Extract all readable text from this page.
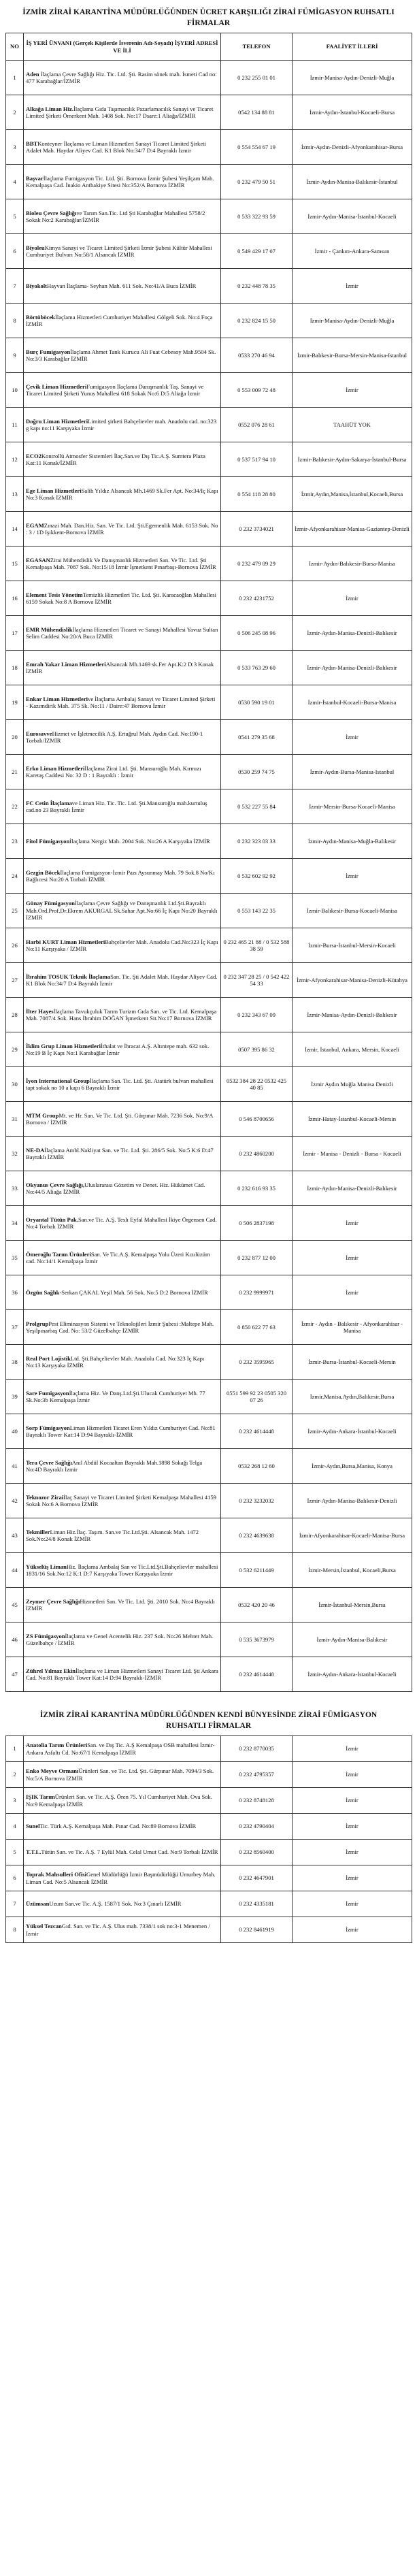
İZMİR ZİRAİ KARANTİNA MÜDÜRLÜĞÜNDEN ÜCRET KARŞILIĞI ZİRAİ FÜMİGASYON RUHSATLI FİRMALAR
NO	İŞ YERİ ÜNVANI (Gerçek Kişilerde İsverenin Adı-Soyadı) İŞYERİ ADRESİ VE İLİ	TELEFON	FAALİYET İLLERİ
1	Aden İlaçlama Çevre Sağlığı Hiz. Tic. Ltd. Şti. Rasim sönek mah. İsmeti Cad no: 477 Karabağlar/İZMİR	0 232 255 01 01	İzmir-Manisa-Aydın-Denizli-Muğla
2	Alkağa Liman Hiz.İlaçlama Gıda Taşımacılık Pazarlamacılık Sanayi ve Ticaret Limited Şirketi Ömerkent Mah. 1408 Sok. No:17 Dsare:1 Aliağa/İZMİR	0542 134 88 81	İzmir-Aydın-İstanbul-Kocaeli-Bursa
3	BBTKonteyner İlaçlama ve Liman Hizmetleri Sanayi Ticaret Limited Şirketi Adalet Mah. Haydar Aliyev Cad. K1 Blok No:34/7 D:4 Bayraklı İzmir	0 554 554 67 19	İzmir-Aydın-Denizli-Afyonkarahisar-Bursa
4	Başvarİlaçlama Fumigasyon Tic. Ltd. Şti. Bornova İzmir Şubesi Yeşilçam Mah. Kemalpaşa Cad. İnakio Anthakiye Sitesi No:352/A Bornova İZMİR	0 232 479 50 51	İzmir-Aydın-Manisa-Balıkesir-İstanbul
5	Bioleu Çevre Sağlığıve Tarım San.Tic. Ltd Şti Karabağlar Mahallesi 5758/2 Sokak No:2 Karabağlar/İZMİR	0 533 322 93 59	İzmir-Aydın-Manisa-İstanbul-Kocaeli
6	BiyoleuKimya Sanayi ve Ticaret Limited Şirketi İzmir Şubesi Kültür Mahallesi Cumhuriyet Bulvarı No:58/1 Alsancak İZMİR	0 549 429 17 07	İzmir - Çankırı-Ankara-Samsun
7	BiyokoltHayvan İlaçlama- Seyhan Mah. 611 Sok. No:41/A Buca İZMİR	0 232 448 78 35	İzmir
8	Börtüböcekİlaçlama Hizmetleri Cumhuriyet Mahallesi Gölgeli Sok. No:4 Foça İZMİR	0 232 824 15 50	İzmir-Manisa-Aydın-Denizli-Muğla
9	Burç Fumigasyonİlaçlama Ahmet Tank Kurucu Ali Fuat Cebesoy Mah.9504 Sk. No:3/3 Karabağlar İZMİR	0533 270 46 94	İzmir-Balıkesir-Bursa-Mersin-Manisa-Istanbul
10	Çevik Liman HizmetleriFumigasyon İlaçlama Danışmanlık Taş. Sanayi ve Ticaret Limited Şirketi Yunus Mahallesi 618 Sokak No:6 D:5 Aliağa İzmir	0 553 009 72 48	İzmir
11	Doğru Liman HizmetleriLimited şirketi Bahçelievler mah. Anadolu cad. no:323 g kapı no:11 Karşıyaka İzmir	0552 076 28 61	TAAHÜT YOK
12	ECO2Kontrollü Atmosfer Sistemleri İlaç.San.ve Dış Tic.A.Ş. Sumtera Plaza Kat:11 Konak/İZMİR	0 537 517 94 10	İzmir-Balıkesir-Aydın-Sakarya-İstanbul-Bursa
13	Ege Liman HizmetleriSalih Yıldız Alsancak Mh.1469 Sk.Fer Apt. No:34/Iç Kapı No:3 Konak İZMİR	0 554 118 28 80	İzmir,Aydın,Manisa,İstanbul,Kocaeli,Bursa
14	EGAMZınazi Mah. Dan.Hiz. San. Ve Tic. Ltd. Şti.Egemenlik Mah. 6153 Sok. No : 3 / 1D Işıkkent-Bornova İZMİR	0 232 3734021	İzmir-Afyonkarahisar-Manisa-Gaziantep-Denizli
15	EGASANZirai Mühendislik Ve Danışmanlık Hizmetleri San. Ve Tic. Ltd. Şti Kemalpaşa Mah. 7087 Sok. No:15/18 İzmir İşmetkent Pınarbaşı-Bornova İZMİR	0 232 479 09 29	İzmir-Aydın-Balıkesir-Bursa-Manisa
16	Element Tesis YönetimTemizlik Hizmetleri Tic. Ltd. Şti. Karacaoğlan Mahallesi 6159 Sokak No:8 A Bornova İZMİR	0 232 4231752	İzmir
17	EMR Mühendislikİlaçlama Hizmetleri Ticaret ve Sanayi Mahallesi Yavuz Sultan Selim Caddesi No:20/A Buca İZMİR	0 506 245 08 96	İzmir-Aydın-Manisa-Denizli-Balıkesir
18	Emrah Yakar Liman HizmetleriAlsancak Mh.1469 sk.Fer Apt.K:2 D:3 Konak İZMİR	0 533 763 29 60	İzmir-Aydın-Manisa-Denizli-Balıkesir
19	Enkar Liman Hizmetlerive İlaçlama Ambalaj Sanayi ve Ticaret Limited Şirketi - Kazımdirik Mah. 375 Sk. No:11 / Daire:47 Bornova İzmir	0530 590 19 01	İzmir-İstanbul-Kocaeli-Bursa-Manisa
20	EurosavveHizmet ve İşletmecilik A.Ş. Ertuğrul Mah. Aydın Cad. No:190-1 Torbalı/İZMİR	0541 279 35 68	İzmir
21	Erko Liman Hizmetleriİlaçlama Zirai Ltd. Şti. Mansuroğlu Mah. Kırmızı Karetaş Caddesi No: 32 D : 1 Bayraklı : İzmir	0530 259 74 75	İzmir-Aydın-Bursa-Manisa-Istanbul
22	FC Cetin İlaçlamave Liman Hiz. Tic. Tic. Ltd. Şti.Mansuroğlu mah.kurtuluş cad.no 23 Bayraklı İzmir	0 532 227 55 84	İzmir-Mersin-Bursa-Kocaeli-Manisa
23	Fitol Fümigasyonİlaçlama Nergiz Mah. 2004 Sok. No:26 A Karşıyaka İZMİR	0 232 323 03 33	İzmir-Aydın-Manisa-Muğla-Balıkesir
24	Gezgin Böcekİlaçlama Fumigasyon-İzmir Pazı Aysunmay Mah. 79 Sok.8 No/Kı Bağlıcesi No:20 A Torbalı İZMİR	0 532 602 92 92	İzmir
25	Günay Fümigasyonİlaçlama Çevre Sağlığı ve Danışmanlık Ltd.Şti.Bayraklı Mah.Ord.Prof.Dr.Ekrem AKURGAL Sk.Sahar Apt.No:66 İç Kapı No:20 Bayraklı İZMİR	0 553 143 22 35	İzmir-Balıkesir-Bursa-Kocaeli-Manisa
26	Harbi KURT Liman HizmetleriBahçelievler Mah. Anadolu Cad.No:323 İç Kapı No:11 Karşıyaka / İZMİR	0 232 465 21 88 / 0 532 588 38 59	İzmir-Bursa-İstanbul-Mersin-Kocaeli
27	İbrahim TOSUK Teknik İlaçlamaSan. Tic. Şti Adalet Mah. Haydar Aliyev Cad. K1 Blok No:34/7 D:4 Bayraklı İzmir	0 232 347 28 25 / 0 542 422 54 33	İzmir-Afyonkarahisar-Manisa-Denizli-Kütahya
28	İlter Hayesİlaçlama Tavukçuluk Tarım Turizm Gıda San. ve Tic. Ltd. Kemalpaşa Mah. 7087/4 Sok. Hans İbrahim DOĞAN İşmetkent Sit.No:17 Bornova İZMİR	0 232 343 67 09	İzmir-Manisa-Aydın-Denizli-Balıkesir
29	İklim Grup Liman Hizmetleriİthalat ve İhracat A.Ş. Altıntepe mah. 632 sok. No:19 B İç Kapı No:1 Karabağlar İzmir	0507 395 86 32	İzmir, İstanbul, Ankara, Mersin, Kocaeli
30	İyon International Groupİlaçlama San. Tic. Ltd. Şti. Atatürk bulvarı mahallesi tapt sokak no 10 a kapı 6 Bayraklı İzmir	0532 384 28 22 0532 425 40 85	İzmir Aydın Muğla Manisa Denizli
31	MTM GroupMt. ve Hr. San. Ve Tic. Ltd. Şti. Gürpınar Mah. 7236 Sok. No:9/A Bornova / İZMİR	0 546 8700656	İzmir-Hatay-İstanbul-Kocaeli-Mersin
32	NE-DAİlaçlama Ambl.Nakliyat San. ve Tic. Ltd. Şti. 286/5 Sok. No:5 K:6 D:47 Bayraklı İZMİR	0 232 4860200	İzmir - Manisa - Denizli - Bursa - Kocaeli
33	Okyanus Çevre Sağlığı,Uluslararası Gözetim ve Denet. Hiz. Hükümet Cad. No:44/5 Aliağa İZMİR	0 232 616 93 35	İzmir-Aydın-Manisa-Denizli-Balıkesir
34	Oryantal Tütün Pak.San.ve Tic. A.Ş. Teslı Eyfal Mahallesi İkiye Örgensen Cad. No:4 Torbalı İZMİR	0 506 2837198	İzmir
35	Ömeroğlu Tarım ÜrünleriSan. Ve Tic.A.Ş. Kemalpaşa Yolu Üzeri Kızılüzüm cad. No:14/1 Kemalpaşa İzmir	0 232 877 12 00	İzmir
36	Özgün Sağlık-Serkan ÇAKAL Yeşil Mah. 56 Sok. No:5 D:2 Bornova İZMİR	0 232 9999971	İzmir
37	ProlgrupPest Eliminasyon Sistemi ve Teknolojileri İzmir Şubesi :Maltepe Mah. Yeşilpınarbaş Cad. No: 53/2 Güzelbahçe İZMİR	0 850 622 77 63	İzmir - Aydın - Balıkesir - Afyonkarahisar - Manisa
38	Real Port LojistikLtd. Şti.Bahçelievler Mah. Anadolu Cad. No:323 İç Kapı No:13 Karşıyaka İZMİR	0 232 3595965	İzmir-Bursa-İstanbul-Kocaeli-Mersin
39	Sare Fumigasyonİlaçlama Hiz. Ve Danş.Ltd.Şti.Ulucak Cumhuriyet Mh. 77 Sk.No:3b Kemalpaşa İzmir	0551 599 92 23 0505 320 07 26	İzmir,Manisa,Aydın,Balıkesir,Bursa
40	Sorp FümigasyonLiman Hizmetleri Ticaret Eren Yıldız Cumhuriyet Cad. No:81 Bayraklı Tower Kat:14 D:94 Bayraklı-İZMİR	0 232 4614448	İzmir-Aydın-Ankara-İstanbul-Kocaeli
41	Tera Çevre SağlığıAnıl Abdül Kocaaltan Bayraklı Mah.1898 Sokağı Telga No:4D Bayraklı İzmir	0532 268 12 60	İzmir-Aydın,Bursa,Manisa, Konya
42	Teknozor Ziraiİlaç Sanayi ve Ticaret Limited Şirketi Kemalpaşa Mahallesi 4159 Sokak No:6 A Bornova İZMİR	0 232 3232032	İzmir-Aydın-Manisa-Balıkesir-Denizli
43	TekmillerLiman Hiz.İlaç. Taşım. San.ve Tic.Ltd.Şti. Alsancak Mah. 1472 Sok.No:24/8 Konak İZMİR	0 232 4639638	İzmir-Afyonkarahisar-Kocaeli-Manisa-Bursa
44	Yükselüş LimanHiz. İlaçlama Ambalaj San ve Tic.Ltd.Şti.Bahçelievler mahallesi 1831/16 Sok.No:12 K:1 D:7 Karşıyaka Tower Karşıyaka İzmir	0 532 6211449	İzmir-Mersin,İstanbul, Kocaeli,Bursa
45	Zeymer Çevre SağlığıHizmetleri San. Ve Tic. Ltd. Şti. 2010 Sok. No:4 Bayraklı İZMİR	0532 420 20 46	İzmir-İstanbul-Mersin,Bursa
46	ZS Fümigasyonİlaçlama ve Genel Acentelik Hiz. 237 Sok. No:26 Mehter Mah. Güzelbahçe / İZMİR	0 535 3673979	İzmir-Aydın-Manisa-Balıkesir
47	Zührel Yılmaz Ekinİlaçlama ve Liman Hizmetleri Sanayi Ticaret Ltd. Şti Ankara Cad. No:81 Bayraklı Tower Kat:14 D:94 Bayraklı-İZMİR	0 232 4614448	İzmir-Aydın-Ankara-İstanbul-Kocaeli
İZMİR ZİRAİ KARANTİNA MÜDÜRLÜĞÜNDEN KENDİ BÜNYESİNDE ZİRAİ FÜMİGASYON RUHSATLI FİRMALAR
1	Anatolia Tarım ÜrünleriSan. ve Dış Tic. A.Ş Kemalpaşa OSB mahallesi İzmir-Ankara Asfaltı Cd. No:67/1 Kemalpaşa İZMİR	0 232 8770035	İzmir
2	Enko Meyve OrmanıÜrünleri San. ve Tic. Ltd. Şti. Gürpınar Mah. 7094/3 Sok. No:5/A Bornova İZMİR	0 232 4795357	İzmir
3	IŞIK TarımÜrünleri San. ve Tic. A.Ş. Ören 75. Yıl Cumhuriyet Mah. Ova Sok. No:9 Kemalpaşa İZMİR	0 232 8748128	İzmir
4	SunelTic. Türk A.Ş. Kemalpaşa Mah. Pınar Cad. No:89 Bornova İZMİR	0 232 4790404	İzmir
5	T.T.L.Tütün San. ve Tic. A.Ş. 7 Eylül Mah. Celal Umut Cad. No:9 Torbalı İZMİR	0 232 8560400	İzmir
6	Toprak Mahsulleri OfisiGenel Müdürlüğü İzmir Başmüdürlüğü Umurbey Mah. Liman Cad. No:5 Alsancak İZMİR	0 232 4647901	İzmir
7	ÜzümsanUzum San.ve Tic. A.Ş. 1587/1 Sok. No:3 Çınarlı İZMİR	0 232 4335181	İzmir
8	Yüksel TezcanGıd. San. ve Tic. A.Ş. Ulus mah. 7338/1 sok no:3-1 Menemen / İzmir	0 232 8461919	İzmir
